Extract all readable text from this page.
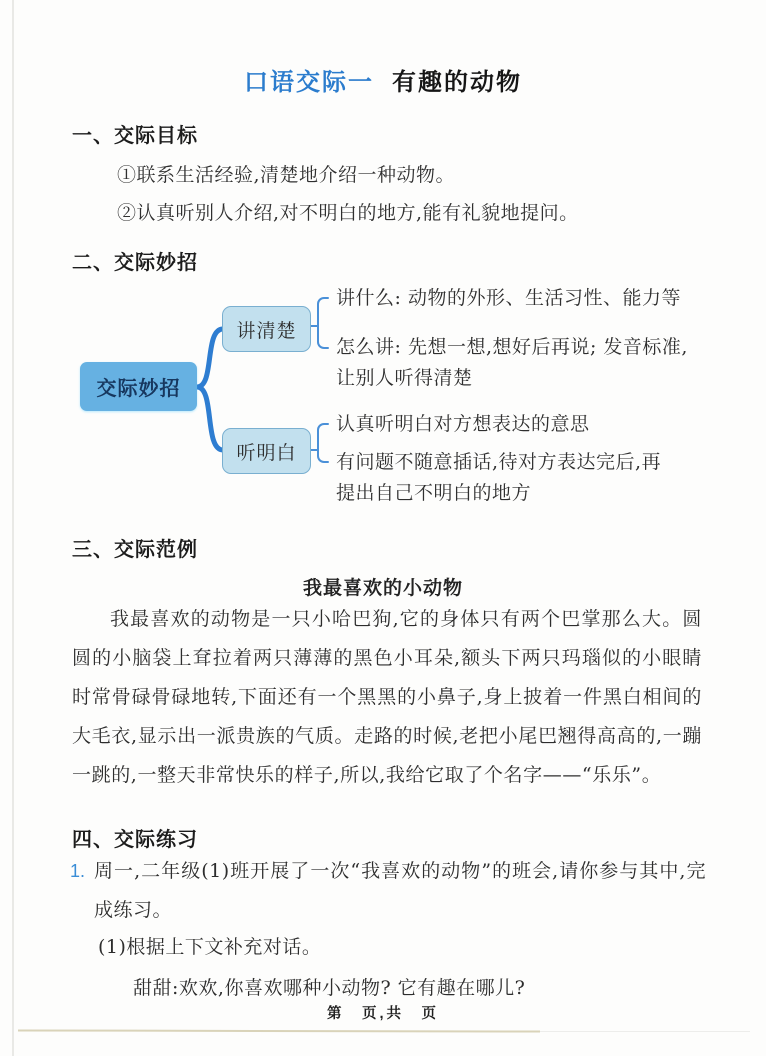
口语交际一 有趣的动物
一、交际目标
①联系生活经验,清楚地介绍一种动物。
②认真听别人介绍,对不明白的地方,能有礼貌地提问。
二、交际妙招
交际妙招
讲清楚
听明白
讲什么: 动物的外形、生活习性、能力等
怎么讲: 先想一想,想好后再说; 发音标准,
让别人听得清楚
认真听明白对方想表达的意思
有问题不随意插话,待对方表达完后,再
提出自己不明白的地方
三、交际范例
我最喜欢的小动物
我最喜欢的动物是一只小哈巴狗,它的身体只有两个巴掌那么大。圆圆的小脑袋上耷拉着两只薄薄的黑色小耳朵,额头下两只玛瑙似的小眼睛时常骨碌骨碌地转,下面还有一个黑黑的小鼻子,身上披着一件黑白相间的大毛衣,显示出一派贵族的气质。走路的时候,老把小尾巴翘得高高的,一蹦一跳的,一整天非常快乐的样子,所以,我给它取了个名字——“乐乐”。
四、交际练习
1. 周一,二年级(1)班开展了一次“我喜欢的动物”的班会,请你参与其中,完成练习。
(1)根据上下文补充对话。
甜甜:欢欢,你喜欢哪种小动物? 它有趣在哪儿?
第　页,共　页
